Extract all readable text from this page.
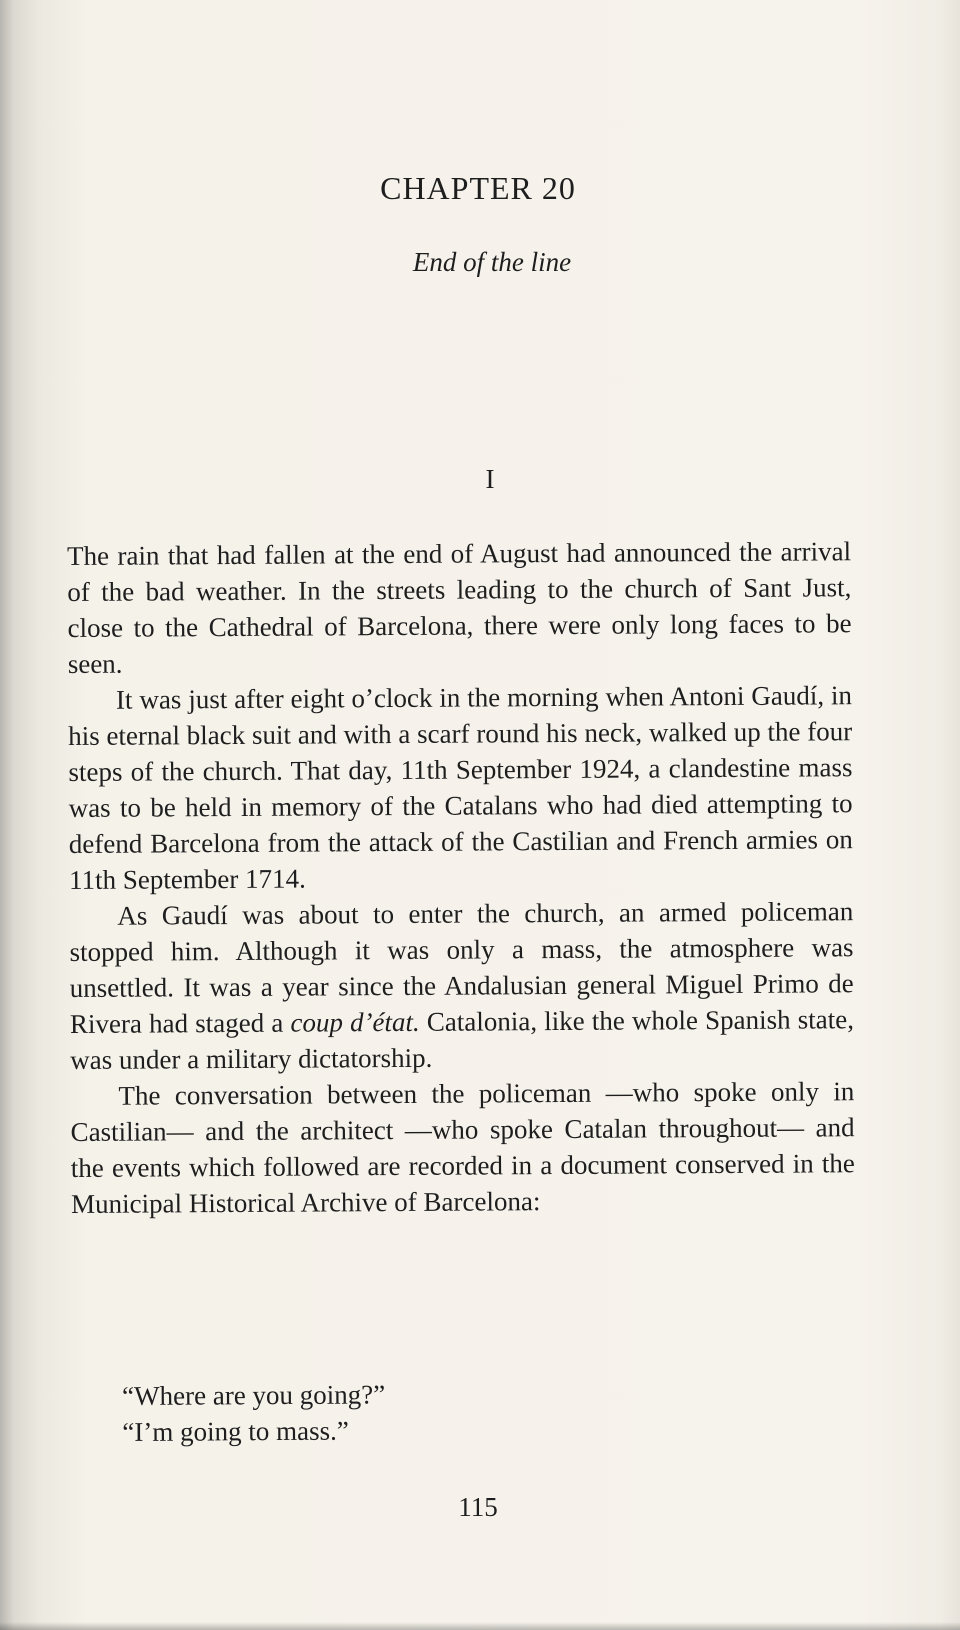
CHAPTER 20
End of the line
I

The rain that had fallen at the end of August had announced the arrival of the bad weather. In the streets leading to the church of Sant Just, close to the Cathedral of Barcelona, there were only long faces to be seen.

It was just after eight o’clock in the morning when Antoni Gaudí, in his eternal black suit and with a scarf round his neck, walked up the four steps of the church. That day, 11th September 1924, a clandestine mass was to be held in memory of the Catalans who had died attempting to defend Barcelona from the attack of the Castilian and French armies on 11th September 1714.

As Gaudí was about to enter the church, an armed policeman stopped him. Although it was only a mass, the atmosphere was unsettled. It was a year since the Andalusian general Miguel Primo de Rivera had staged a coup d’état. Catalonia, like the whole Spanish state, was under a military dictatorship.

The conversation between the policeman —who spoke only in Castilian— and the architect —who spoke Catalan throughout— and the events which followed are recorded in a document conserved in the Municipal Historical Archive of Barcelona:

“Where are you going?”

“I’m going to mass.”

115
